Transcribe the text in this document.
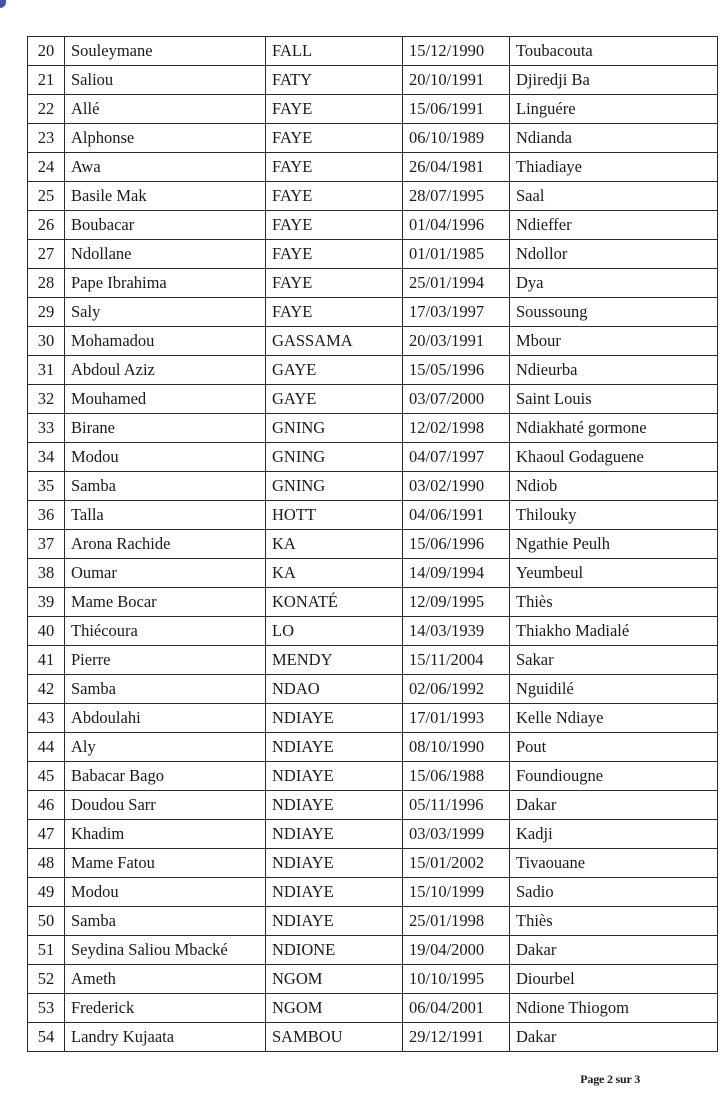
20	Souleymane	FALL	15/12/1990	Toubacouta
21	Saliou	FATY	20/10/1991	Djiredji Ba
22	Allé	FAYE	15/06/1991	Linguére
23	Alphonse	FAYE	06/10/1989	Ndianda
24	Awa	FAYE	26/04/1981	Thiadiaye
25	Basile Mak	FAYE	28/07/1995	Saal
26	Boubacar	FAYE	01/04/1996	Ndieffer
27	Ndollane	FAYE	01/01/1985	Ndollor
28	Pape Ibrahima	FAYE	25/01/1994	Dya
29	Saly	FAYE	17/03/1997	Soussoung
30	Mohamadou	GASSAMA	20/03/1991	Mbour
31	Abdoul Aziz	GAYE	15/05/1996	Ndieurba
32	Mouhamed	GAYE	03/07/2000	Saint Louis
33	Birane	GNING	12/02/1998	Ndiakhaté gormone
34	Modou	GNING	04/07/1997	Khaoul Godaguene
35	Samba	GNING	03/02/1990	Ndiob
36	Talla	HOTT	04/06/1991	Thilouky
37	Arona Rachide	KA	15/06/1996	Ngathie Peulh
38	Oumar	KA	14/09/1994	Yeumbeul
39	Mame Bocar	KONATÉ	12/09/1995	Thiès
40	Thiécoura	LO	14/03/1939	Thiakho Madialé
41	Pierre	MENDY	15/11/2004	Sakar
42	Samba	NDAO	02/06/1992	Nguidilé
43	Abdoulahi	NDIAYE	17/01/1993	Kelle Ndiaye
44	Aly	NDIAYE	08/10/1990	Pout
45	Babacar Bago	NDIAYE	15/06/1988	Foundiougne
46	Doudou Sarr	NDIAYE	05/11/1996	Dakar
47	Khadim	NDIAYE	03/03/1999	Kadji
48	Mame Fatou	NDIAYE	15/01/2002	Tivaouane
49	Modou	NDIAYE	15/10/1999	Sadio
50	Samba	NDIAYE	25/01/1998	Thiès
51	Seydina Saliou Mbacké	NDIONE	19/04/2000	Dakar
52	Ameth	NGOM	10/10/1995	Diourbel
53	Frederick	NGOM	06/04/2001	Ndione Thiogom
54	Landry Kujaata	SAMBOU	29/12/1991	Dakar
Page 2 sur 3
